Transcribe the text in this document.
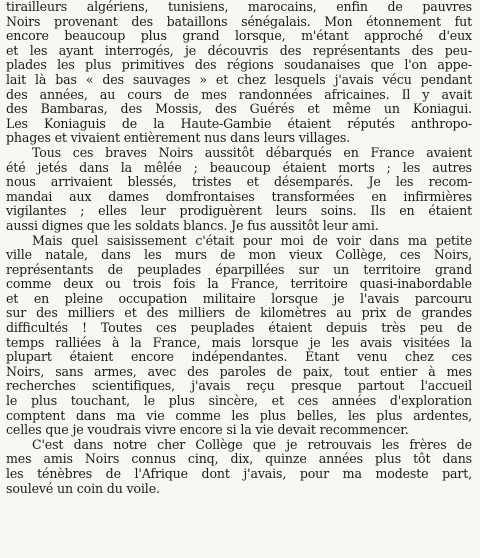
tirailleurs algériens, tunisiens, marocains, enfin de pauvres
Noirs provenant des bataillons sénégalais. Mon étonnement fut
encore beaucoup plus grand lorsque, m'étant approché d'eux
et les ayant interrogés, je découvris des représentants des peu-
plades les plus primitives des régions soudanaises que l'on appe-
lait là bas « des sauvages » et chez lesquels j'avais vécu pendant
des années, au cours de mes randonnées africaines. Il y avait
des Bambaras, des Mossis, des Guérés et même un Koniagui.
Les Koniaguis de la Haute-Gambie étaient réputés anthropo-
phages et vivaient entièrement nus dans leurs villages.
Tous ces braves Noirs aussitôt débarqués en France avaient
été jetés dans la mêlée ; beaucoup étaient morts ; les autres
nous arrivaient blessés, tristes et désemparés. Je les recom-
mandai aux dames domfrontaises transformées en infirmières
vigilantes ; elles leur prodiguèrent leurs soins. Ils en étaient
aussi dignes que les soldats blancs. Je fus aussitôt leur ami.
Mais quel saisissement c'était pour moi de voir dans ma petite
ville natale, dans les murs de mon vieux Collège, ces Noirs,
représentants de peuplades éparpillées sur un territoire grand
comme deux ou trois fois la France, territoire quasi-inabordable
et en pleine occupation militaire lorsque je l'avais parcouru
sur des milliers et des milliers de kilomètres au prix de grandes
difficultés ! Toutes ces peuplades étaient depuis très peu de
temps ralliées à la France, mais lorsque je les avais visitées la
plupart étaient encore indépendantes. Étant venu chez ces
Noirs, sans armes, avec des paroles de paix, tout entier à mes
recherches scientifiques, j'avais reçu presque partout l'accueil
le plus touchant, le plus sincère, et ces années d'exploration
comptent dans ma vie comme les plus belles, les plus ardentes,
celles que je voudrais vivre encore si la vie devait recommencer.
C'est dans notre cher Collège que je retrouvais les frères de
mes amis Noirs connus cinq, dix, quinze années plus tôt dans
les ténèbres de l'Afrique dont j'avais, pour ma modeste part,
soulevé un coin du voile.
